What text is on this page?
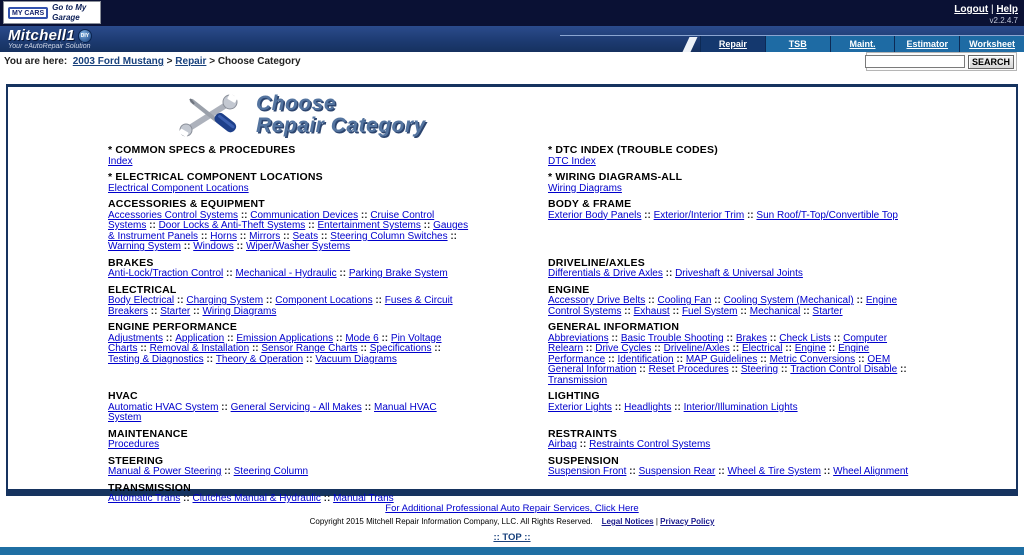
MY CARS
Go to My Garage
Logout | Help
v2.2.4.7
Mitchell1	DIY
Your eAutoRepair Solution	Repair	TSB	Maint.	Estimator	Worksheet
You are here: 2003 Ford Mustang > Repair > Choose Category	SEARCH
Choose
Repair Category
* COMMON SPECS & PROCEDURES
Index
* DTC INDEX (TROUBLE CODES)
DTC Index
* ELECTRICAL COMPONENT LOCATIONS
Electrical Component Locations
* WIRING DIAGRAMS-ALL
Wiring Diagrams
ACCESSORIES & EQUIPMENT
Accessories Control Systems :: Communication Devices :: Cruise Control Systems :: Door Locks & Anti-Theft Systems :: Entertainment Systems :: Gauges & Instrument Panels :: Horns :: Mirrors :: Seats :: Steering Column Switches :: Warning System :: Windows :: Wiper/Washer Systems
BODY & FRAME
Exterior Body Panels :: Exterior/Interior Trim :: Sun Roof/T-Top/Convertible Top
BRAKES
Anti-Lock/Traction Control :: Mechanical - Hydraulic :: Parking Brake System
DRIVELINE/AXLES
Differentials & Drive Axles :: Driveshaft & Universal Joints
ELECTRICAL
Body Electrical :: Charging System :: Component Locations :: Fuses & Circuit Breakers :: Starter :: Wiring Diagrams
ENGINE
Accessory Drive Belts :: Cooling Fan :: Cooling System (Mechanical) :: Engine Control Systems :: Exhaust :: Fuel System :: Mechanical :: Starter
ENGINE PERFORMANCE
Adjustments :: Application :: Emission Applications :: Mode 6 :: Pin Voltage Charts :: Removal & Installation :: Sensor Range Charts :: Specifications :: Testing & Diagnostics :: Theory & Operation :: Vacuum Diagrams
GENERAL INFORMATION
Abbreviations :: Basic Trouble Shooting :: Brakes :: Check Lists :: Computer Relearn :: Drive Cycles :: Driveline/Axles :: Electrical :: Engine :: Engine Performance :: Identification :: MAP Guidelines :: Metric Conversions :: OEM General Information :: Reset Procedures :: Steering :: Traction Control Disable :: Transmission
HVAC
Automatic HVAC System :: General Servicing - All Makes :: Manual HVAC System
LIGHTING
Exterior Lights :: Headlights :: Interior/Illumination Lights
MAINTENANCE
Procedures
RESTRAINTS
Airbag :: Restraints Control Systems
STEERING
Manual & Power Steering :: Steering Column
SUSPENSION
Suspension Front :: Suspension Rear :: Wheel & Tire System :: Wheel Alignment
TRANSMISSION
Automatic Trans :: Clutches Manual & Hydraulic :: Manual Trans
For Additional Professional Auto Repair Services, Click Here
Copyright 2015 Mitchell Repair Information Company, LLC. All Rights Reserved. Legal Notices | Privacy Policy
:: TOP ::
